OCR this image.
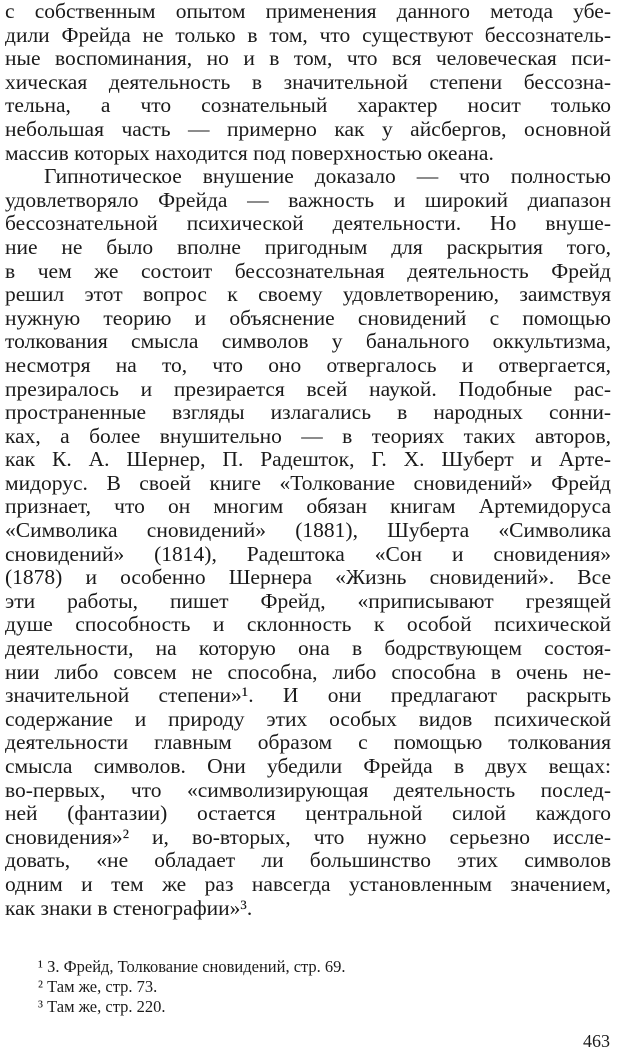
с собственным опытом применения данного метода убе-
дили Фрейда не только в том, что существуют бессознатель-
ные воспоминания, но и в том, что вся человеческая пси-
хическая деятельность в значительной степени бессозна-
тельна, а что сознательный характер носит только
небольшая часть — примерно как у айсбергов, основной
массив которых находится под поверхностью океана.
Гипнотическое внушение доказало — что полностью
удовлетворяло Фрейда — важность и широкий диапазон
бессознательной психической деятельности. Но внуше-
ние не было вполне пригодным для раскрытия того,
в чем же состоит бессознательная деятельность Фрейд
решил этот вопрос к своему удовлетворению, заимствуя
нужную теорию и объяснение сновидений с помощью
толкования смысла символов у банального оккультизма,
несмотря на то, что оно отвергалось и отвергается,
презиралось и презирается всей наукой. Подобные рас-
пространенные взгляды излагались в народных сонни-
ках, а более внушительно — в теориях таких авторов,
как К. А. Шернер, П. Радешток, Г. Х. Шуберт и Арте-
мидорус. В своей книге «Толкование сновидений» Фрейд
признает, что он многим обязан книгам Артемидоруса
«Символика сновидений» (1881), Шуберта «Символика
сновидений» (1814), Радештока «Сон и сновидения»
(1878) и особенно Шернера «Жизнь сновидений». Все
эти работы, пишет Фрейд, «приписывают грезящей
душе способность и склонность к особой психической
деятельности, на которую она в бодрствующем состоя-
нии либо совсем не способна, либо способна в очень не-
значительной степени»¹. И они предлагают раскрыть
содержание и природу этих особых видов психической
деятельности главным образом с помощью толкования
смысла символов. Они убедили Фрейда в двух вещах:
во-первых, что «символизирующая деятельность послед-
ней (фантазии) остается центральной силой каждого
сновидения»² и, во-вторых, что нужно серьезно иссле-
довать, «не обладает ли большинство этих символов
одним и тем же раз навсегда установленным значением,
как знаки в стенографии»³.
¹ З. Фрейд, Толкование сновидений, стр. 69.
² Там же, стр. 73.
³ Там же, стр. 220.
463
